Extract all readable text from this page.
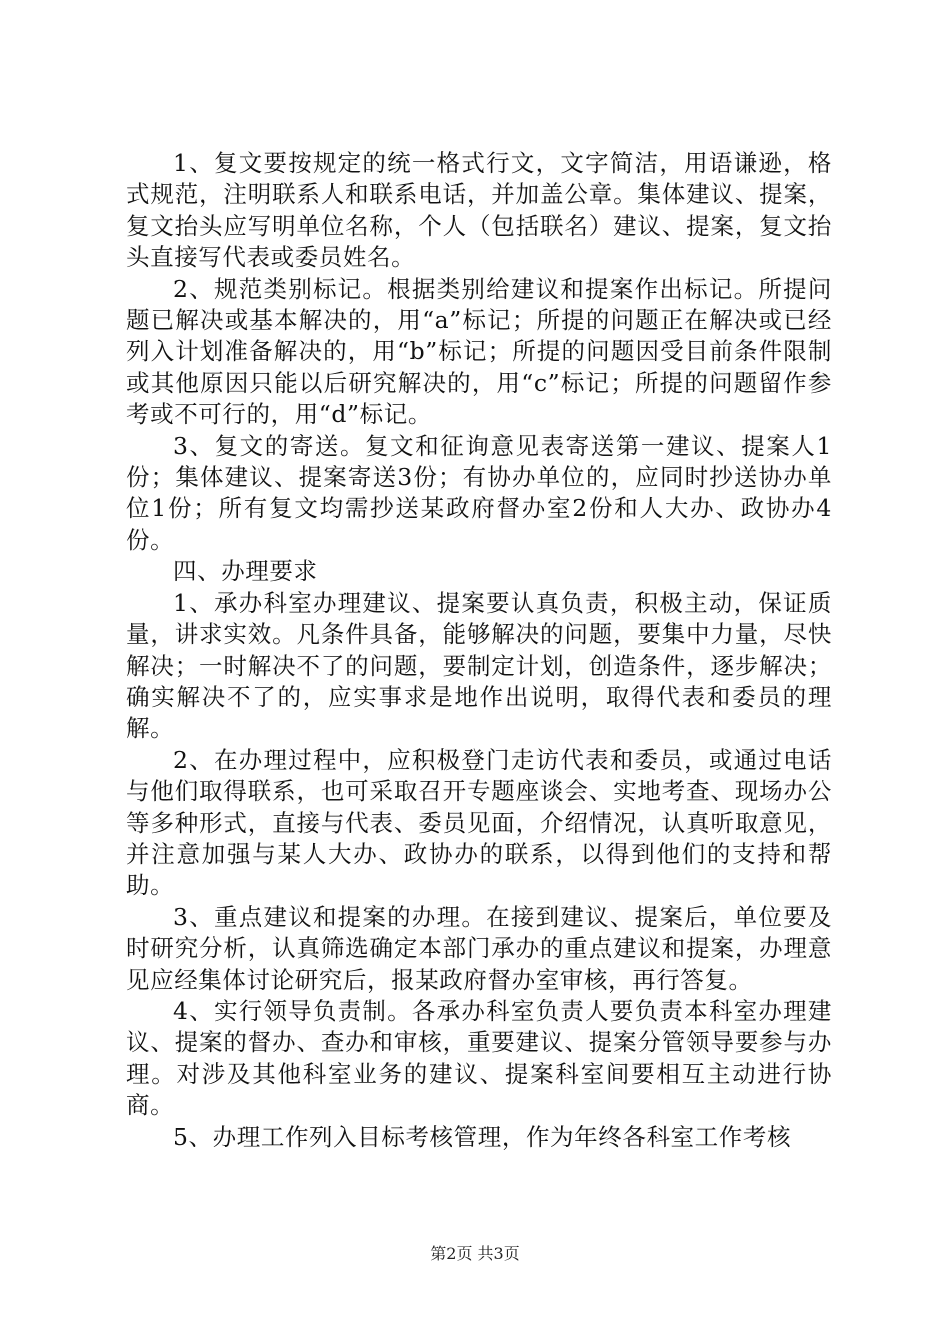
1、复文要按规定的统一格式行文，文字简洁，用语谦逊，格式规范，注明联系人和联系电话，并加盖公章。集体建议、提案，复文抬头应写明单位名称，个人（包括联名）建议、提案，复文抬头直接写代表或委员姓名。

2、规范类别标记。根据类别给建议和提案作出标记。所提问题已解决或基本解决的，用“a”标记；所提的问题正在解决或已经列入计划准备解决的，用“b”标记；所提的问题因受目前条件限制或其他原因只能以后研究解决的，用“c”标记；所提的问题留作参考或不可行的，用“d”标记。

3、复文的寄送。复文和征询意见表寄送第一建议、提案人1份；集体建议、提案寄送3份；有协办单位的，应同时抄送协办单位1份；所有复文均需抄送某政府督办室2份和人大办、政协办4份。

四、办理要求

1、承办科室办理建议、提案要认真负责，积极主动，保证质量，讲求实效。凡条件具备，能够解决的问题，要集中力量，尽快解决；一时解决不了的问题，要制定计划，创造条件，逐步解决；确实解决不了的，应实事求是地作出说明，取得代表和委员的理解。

2、在办理过程中，应积极登门走访代表和委员，或通过电话与他们取得联系，也可采取召开专题座谈会、实地考查、现场办公等多种形式，直接与代表、委员见面，介绍情况，认真听取意见，并注意加强与某人大办、政协办的联系，以得到他们的支持和帮助。

3、重点建议和提案的办理。在接到建议、提案后，单位要及时研究分析，认真筛选确定本部门承办的重点建议和提案，办理意见应经集体讨论研究后，报某政府督办室审核，再行答复。

4、实行领导负责制。各承办科室负责人要负责本科室办理建议、提案的督办、查办和审核，重要建议、提案分管领导要参与办理。对涉及其他科室业务的建议、提案科室间要相互主动进行协商。

5、办理工作列入目标考核管理，作为年终各科室工作考核

第2页 共3页
